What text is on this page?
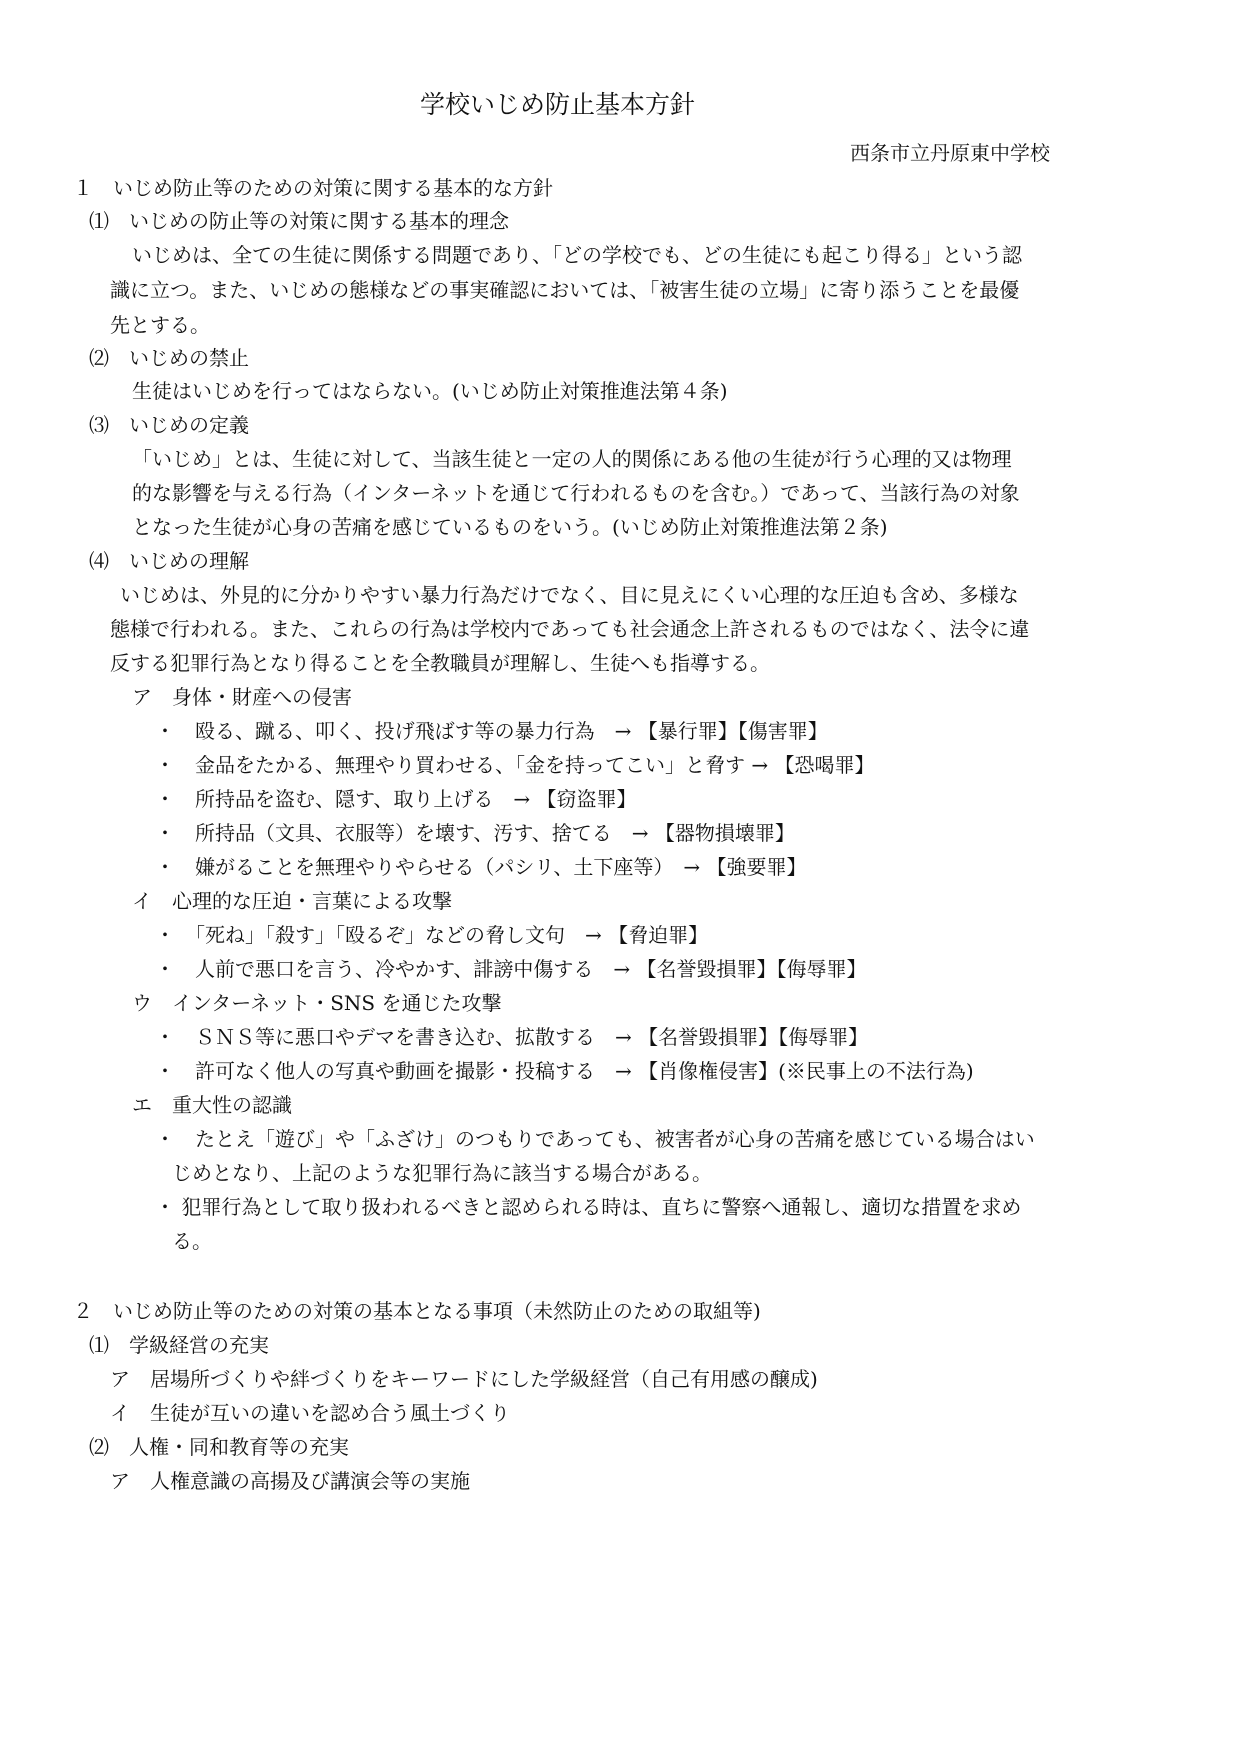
学校いじめ防止基本方針
西条市立丹原東中学校
１　いじめ防止等のための対策に関する基本的な方針
⑴　いじめの防止等の対策に関する基本的理念
いじめは、全ての生徒に関係する問題であり、「どの学校でも、どの生徒にも起こり得る」という認
識に立つ。また、いじめの態様などの事実確認においては、「被害生徒の立場」に寄り添うことを最優
先とする。
⑵　いじめの禁止
生徒はいじめを行ってはならない。(いじめ防止対策推進法第４条)
⑶　いじめの定義
「いじめ」とは、生徒に対して、当該生徒と一定の人的関係にある他の生徒が行う心理的又は物理
的な影響を与える行為（インターネットを通じて行われるものを含む。）であって、当該行為の対象
となった生徒が心身の苦痛を感じているものをいう。(いじめ防止対策推進法第２条)
⑷　いじめの理解
いじめは、外見的に分かりやすい暴力行為だけでなく、目に見えにくい心理的な圧迫も含め、多様な
態様で行われる。また、これらの行為は学校内であっても社会通念上許されるものではなく、法令に違
反する犯罪行為となり得ることを全教職員が理解し、生徒へも指導する。
ア　身体・財産への侵害
・　殴る、蹴る、叩く、投げ飛ばす等の暴力行為　→ 【暴行罪】【傷害罪】
・　金品をたかる、無理やり買わせる、「金を持ってこい」と脅す → 【恐喝罪】
・　所持品を盗む、隠す、取り上げる　→ 【窃盗罪】
・　所持品（文具、衣服等）を壊す、汚す、捨てる　→ 【器物損壊罪】
・　嫌がることを無理やりやらせる（パシリ、土下座等）　→ 【強要罪】
イ　心理的な圧迫・言葉による攻撃
・　「死ね」「殺す」「殴るぞ」などの脅し文句　→ 【脅迫罪】
・　人前で悪口を言う、冷やかす、誹謗中傷する　→ 【名誉毀損罪】【侮辱罪】
ウ　インターネット・SNS を通じた攻撃
・　ＳＮＳ等に悪口やデマを書き込む、拡散する　→ 【名誉毀損罪】【侮辱罪】
・　許可なく他人の写真や動画を撮影・投稿する　→ 【肖像権侵害】(※民事上の不法行為)
エ　重大性の認識
・　たとえ「遊び」や「ふざけ」のつもりであっても、被害者が心身の苦痛を感じている場合はい
じめとなり、上記のような犯罪行為に該当する場合がある。
・ 犯罪行為として取り扱われるべきと認められる時は、直ちに警察へ通報し、適切な措置を求め
る。
２　いじめ防止等のための対策の基本となる事項（未然防止のための取組等)
⑴　学級経営の充実
ア　居場所づくりや絆づくりをキーワードにした学級経営（自己有用感の醸成)
イ　生徒が互いの違いを認め合う風土づくり
⑵　人権・同和教育等の充実
ア　人権意識の高揚及び講演会等の実施
